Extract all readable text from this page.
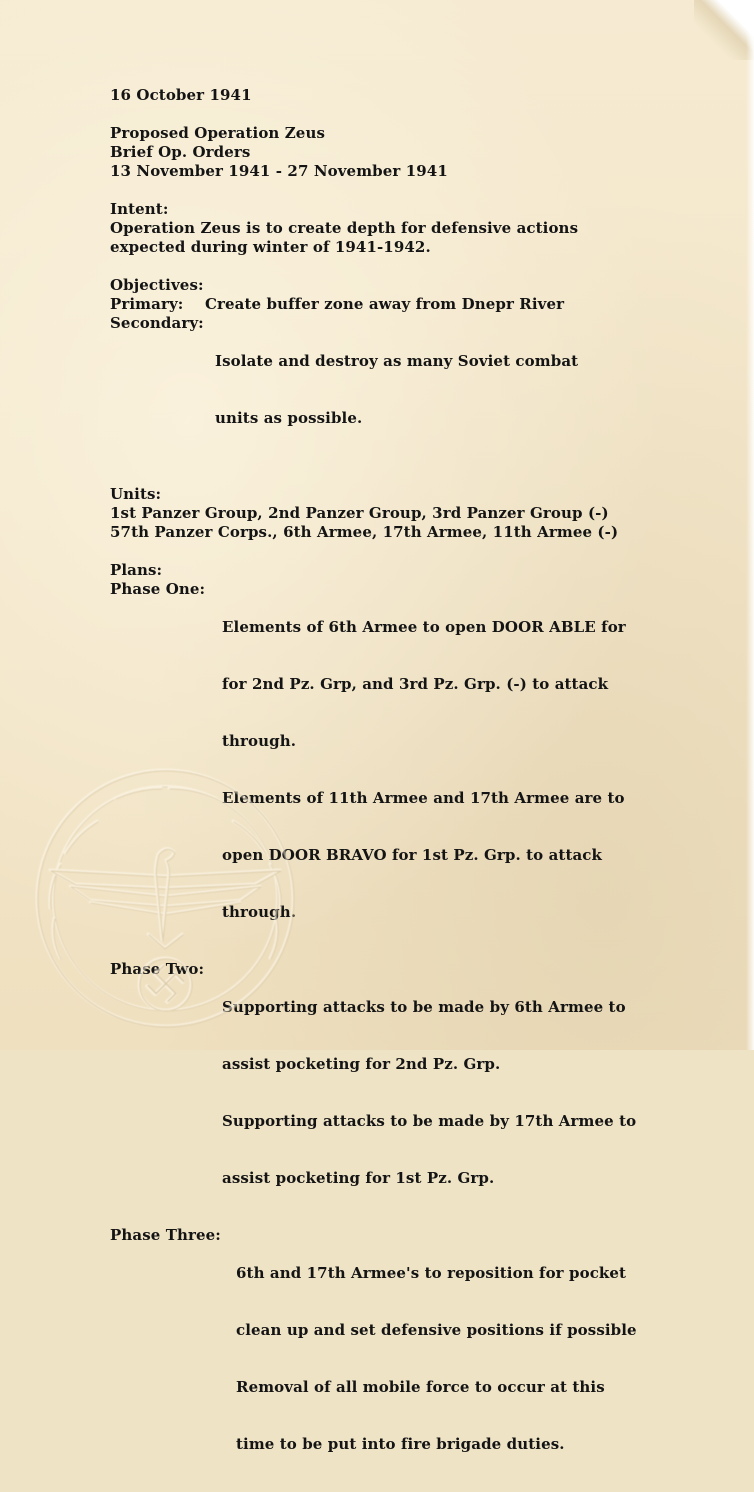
16 October 1941
Proposed Operation Zeus
Brief Op. Orders
13 November 1941 - 27 November 1941
Intent:
Operation Zeus is to create depth for defensive actions
expected during winter of 1941-1942.
Objectives:
Primary:	Create buffer zone away from Dnepr River
Secondary:

Isolate and destroy as many Soviet combat

units as possible.

Units:
1st Panzer Group, 2nd Panzer Group, 3rd Panzer Group (-)
57th Panzer Corps., 6th Armee, 17th Armee, 11th Armee (-)
Plans:
Phase One:

Elements of 6th Armee to open DOOR ABLE for

for 2nd Pz. Grp, and 3rd Pz. Grp. (-) to attack

through.

Elements of 11th Armee and 17th Armee are to

open DOOR BRAVO for 1st Pz. Grp. to attack

through.

Phase Two:

Supporting attacks to be made by 6th Armee to

assist pocketing for 2nd Pz. Grp.

Supporting attacks to be made by 17th Armee to

assist pocketing for 1st Pz. Grp.

Phase Three:

6th and 17th Armee's to reposition for pocket

clean up and set defensive positions if possible

Removal of all mobile force to occur at this

time to be put into fire brigade duties.
